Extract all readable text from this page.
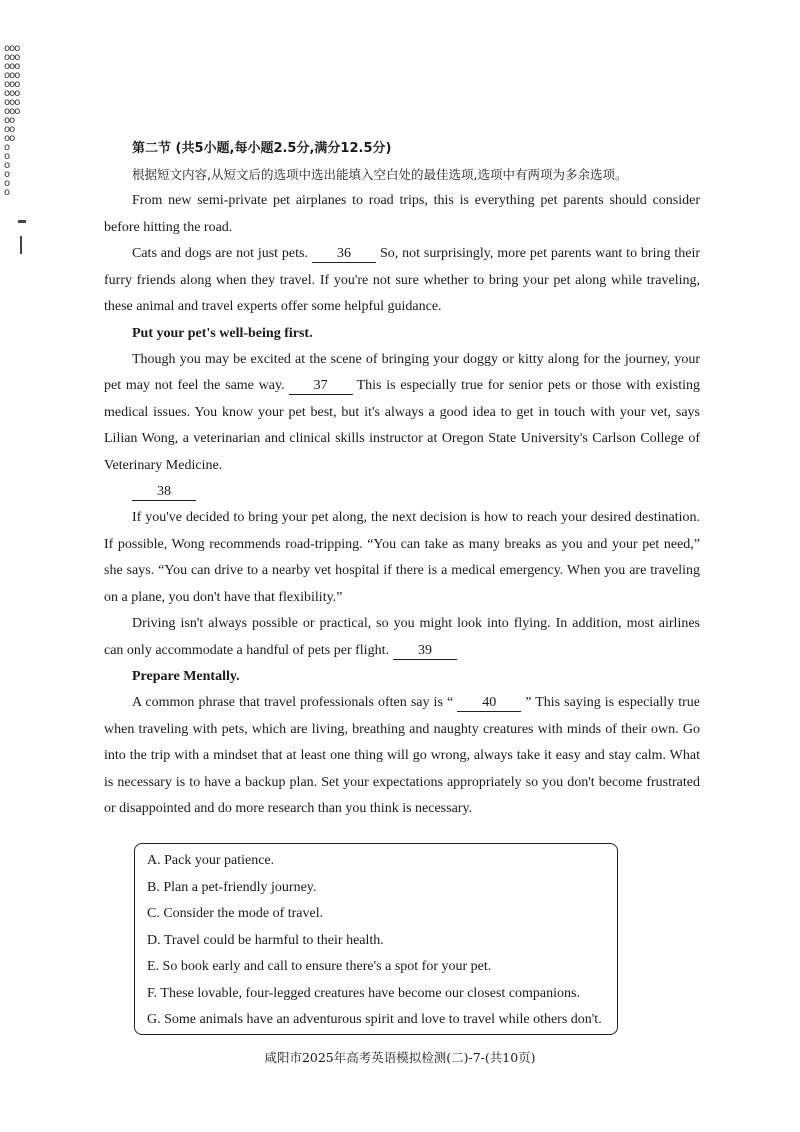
ooo
ooo
ooo
ooo
ooo
ooo
ooo
ooo
oo
oo
oo
o
o
o
o
o
o
第二节 (共5小题,每小题2.5分,满分12.5分)
根据短文内容,从短文后的选项中选出能填入空白处的最佳选项,选项中有两项为多余选项。

From new semi-private pet airplanes to road trips, this is everything pet parents should consider before hitting the road.

Cats and dogs are not just pets. 36 So, not surprisingly, more pet parents want to bring their furry friends along when they travel. If you're not sure whether to bring your pet along while traveling, these animal and travel experts offer some helpful guidance.

Put your pet's well-being first.

Though you may be excited at the scene of bringing your doggy or kitty along for the journey, your pet may not feel the same way. 37 This is especially true for senior pets or those with existing medical issues. You know your pet best, but it's always a good idea to get in touch with your vet, says Lilian Wong, a veterinarian and clinical skills instructor at Oregon State University's Carlson College of Veterinary Medicine.

38

If you've decided to bring your pet along, the next decision is how to reach your desired destination. If possible, Wong recommends road-tripping. “You can take as many breaks as you and your pet need,” she says. “You can drive to a nearby vet hospital if there is a medical emergency. When you are traveling on a plane, you don't have that flexibility.”

Driving isn't always possible or practical, so you might look into flying. In addition, most airlines can only accommodate a handful of pets per flight. 39

Prepare Mentally.

A common phrase that travel professionals often say is “ 40 ” This saying is especially true when traveling with pets, which are living, breathing and naughty creatures with minds of their own. Go into the trip with a mindset that at least one thing will go wrong, always take it easy and stay calm. What is necessary is to have a backup plan. Set your expectations appropriately so you don't become frustrated or disappointed and do more research than you think is necessary.

A. Pack your patience.
B. Plan a pet-friendly journey.
C. Consider the mode of travel.
D. Travel could be harmful to their health.
E. So book early and call to ensure there's a spot for your pet.
F. These lovable, four-legged creatures have become our closest companions.
G. Some animals have an adventurous spirit and love to travel while others don't.
咸阳市2025年高考英语模拟检测(二)-7-(共10页)
